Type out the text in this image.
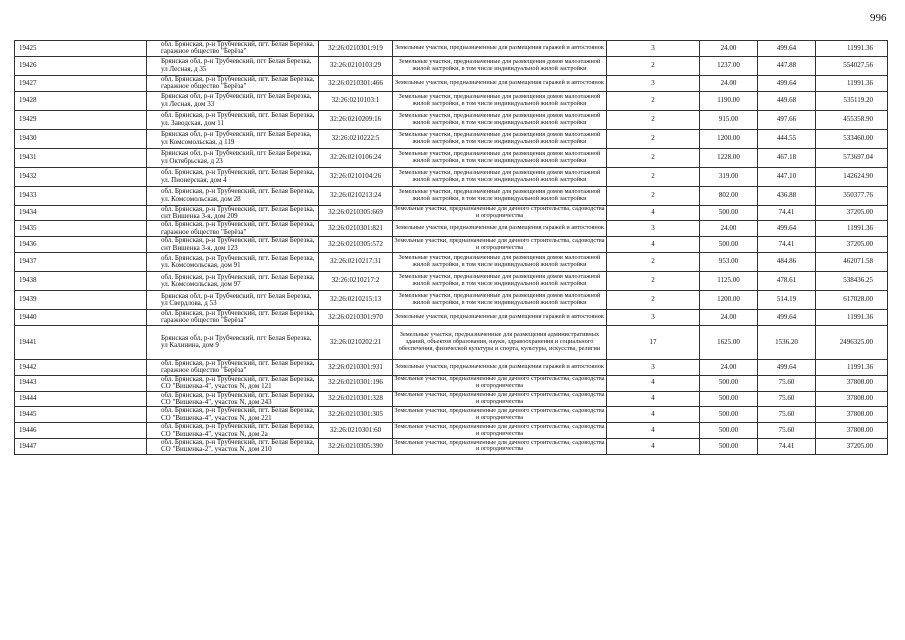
996
19425	обл. Брянская, р-н Трубчевский, пгт. Белая Березка, гаражное общество "Берёза"	32:26:0210301:919	Земельные участки, предназначенные для размещения гаражей и автостоянок	3	24.00	499.64	11991.36
19426	Брянская обл, р-н Трубчевский, пгт Белая Березка, ул Лесная, д 35	32:26:0210103:29	Земельные участки, предназначенные для размещения домов малоэтажной жилой застройки, в том числе индивидуальной жилой застройки	2	1237.00	447.88	554027.56
19427	обл. Брянская, р-н Трубчевский, пгт. Белая Березка, гаражное общество "Берёза"	32:26:0210301:466	Земельные участки, предназначенные для размещения гаражей и автостоянок	3	24.00	499.64	11991.36
19428	Брянская обл, р-н Трубчевский, пгт Белая Березка, ул Лесная, дом 33	32:26:0210103:1	Земельные участки, предназначенные для размещения домов малоэтажной жилой застройки, в том числе индивидуальной жилой застройки	2	1190.00	449.68	535119.20
19429	обл. Брянская, р-н Трубчевский, пгт. Белая Березка, ул. Заводская, дом 11	32:26:0210209:16	Земельные участки, предназначенные для размещения домов малоэтажной жилой застройки, в том числе индивидуальной жилой застройки	2	915.00	497.66	455358.90
19430	Брянская обл, р-н Трубчевский, пгт Белая Березка, ул Комсомольская, д 119	32:26:0210222:5	Земельные участки, предназначенные для размещения домов малоэтажной жилой застройки, в том числе индивидуальной жилой застройки	2	1200.00	444.55	533460.00
19431	Брянская обл, р-н Трубчевский, пгт Белая Березка, ул Октябрьская, д 23	32:26:0210106:24	Земельные участки, предназначенные для размещения домов малоэтажной жилой застройки, в том числе индивидуальной жилой застройки	2	1228.00	467.18	573697.04
19432	обл. Брянская, р-н Трубчевский, пгт. Белая Березка, ул. Пионерская, дом 4	32:26:0210104:26	Земельные участки, предназначенные для размещения домов малоэтажной жилой застройки, в том числе индивидуальной жилой застройки	2	319.00	447.10	142624.90
19433	обл. Брянская, р-н Трубчевский, пгт. Белая Березка, ул. Комсомольская, дом 28	32:26:0210213:24	Земельные участки, предназначенные для размещения домов малоэтажной жилой застройки, в том числе индивидуальной жилой застройки	2	802.00	436.88	350377.76
19434	обл. Брянская, р-н Трубчевский, пгт. Белая Березка, снт Вишенка 3-я, дом 209	32:26:0210305:669	Земельные участки, предназначенные для дачного строительства, садоводства и огородничества	4	500.00	74.41	37205.00
19435	обл. Брянская, р-н Трубчевский, пгт. Белая Березка, гаражное общество "Берёза"	32:26:0210301:821	Земельные участки, предназначенные для размещения гаражей и автостоянок	3	24.00	499.64	11991.36
19436	обл. Брянская, р-н Трубчевский, пгт. Белая Березка, снт Вишенка 3-я, дом 123	32:26:0210305:572	Земельные участки, предназначенные для дачного строительства, садоводства и огородничества	4	500.00	74.41	37205.00
19437	обл. Брянская, р-н Трубчевский, пгт. Белая Березка, ул. Комсомольская, дом 91	32:26:0210217:31	Земельные участки, предназначенные для размещения домов малоэтажной жилой застройки, в том числе индивидуальной жилой застройки	2	953.00	484.86	462071.58
19438	обл. Брянская, р-н Трубчевский, пгт. Белая Березка, ул. Комсомольская, дом 97	32:26:0210217:2	Земельные участки, предназначенные для размещения домов малоэтажной жилой застройки, в том числе индивидуальной жилой застройки	2	1125.00	478.61	538436.25
19439	Брянская обл, р-н Трубчевский, пгт Белая Березка, ул Свердлова, д 53	32:26:0210215:13	Земельные участки, предназначенные для размещения домов малоэтажной жилой застройки, в том числе индивидуальной жилой застройки	2	1200.00	514.19	617028.00
19440	обл. Брянская, р-н Трубчевский, пгт. Белая Березка, гаражное общество "Берёза"	32:26:0210301:970	Земельные участки, предназначенные для размещения гаражей и автостоянок	3	24.00	499.64	11991.36
19441	Брянская обл, р-н Трубчевский, пгт Белая Березка, ул Калинина, дом 9	32:26:0210202:21	Земельные участки, предназначенные для размещения административных зданий, объектов образования, науки, здравоохранения и социального обеспечения, физической культуры и спорта, культуры, искусства, религии	17	1625.00	1536.20	2496325.00
19442	обл. Брянская, р-н Трубчевский, пгт. Белая Березка, гаражное общество "Берёза"	32:26:0210301:931	Земельные участки, предназначенные для размещения гаражей и автостоянок	3	24.00	499.64	11991.36
19443	обл. Брянская, р-н Трубчевский, пгт. Белая Березка, СО "Вишенка-4", участок N, дом 121	32:26:0210301:196	Земельные участки, предназначенные для дачного строительства, садоводства и огородничества	4	500.00	75.60	37800.00
19444	обл. Брянская, р-н Трубчевский, пгт. Белая Березка, СО "Вишенка-4", участок N, дом 243	32:26:0210301:328	Земельные участки, предназначенные для дачного строительства, садоводства и огородничества	4	500.00	75.60	37800.00
19445	обл. Брянская, р-н Трубчевский, пгт. Белая Березка, СО "Вишенка-4", участок N, дом 221	32:26:0210301:305	Земельные участки, предназначенные для дачного строительства, садоводства и огородничества	4	500.00	75.60	37800.00
19446	обл. Брянская, р-н Трубчевский, пгт. Белая Березка, СО "Вишенка-4", участок N, дом 2а	32:26:0210301:60	Земельные участки, предназначенные для дачного строительства, садоводства и огородничества	4	500.00	75.60	37800.00
19447	обл. Брянская, р-н Трубчевский, пгт. Белая Березка, СО "Вишенка-2", участок N, дом 210	32:26:0210305:390	Земельные участки, предназначенные для дачного строительства, садоводства и огородничества	4	500.00	74.41	37205.00
